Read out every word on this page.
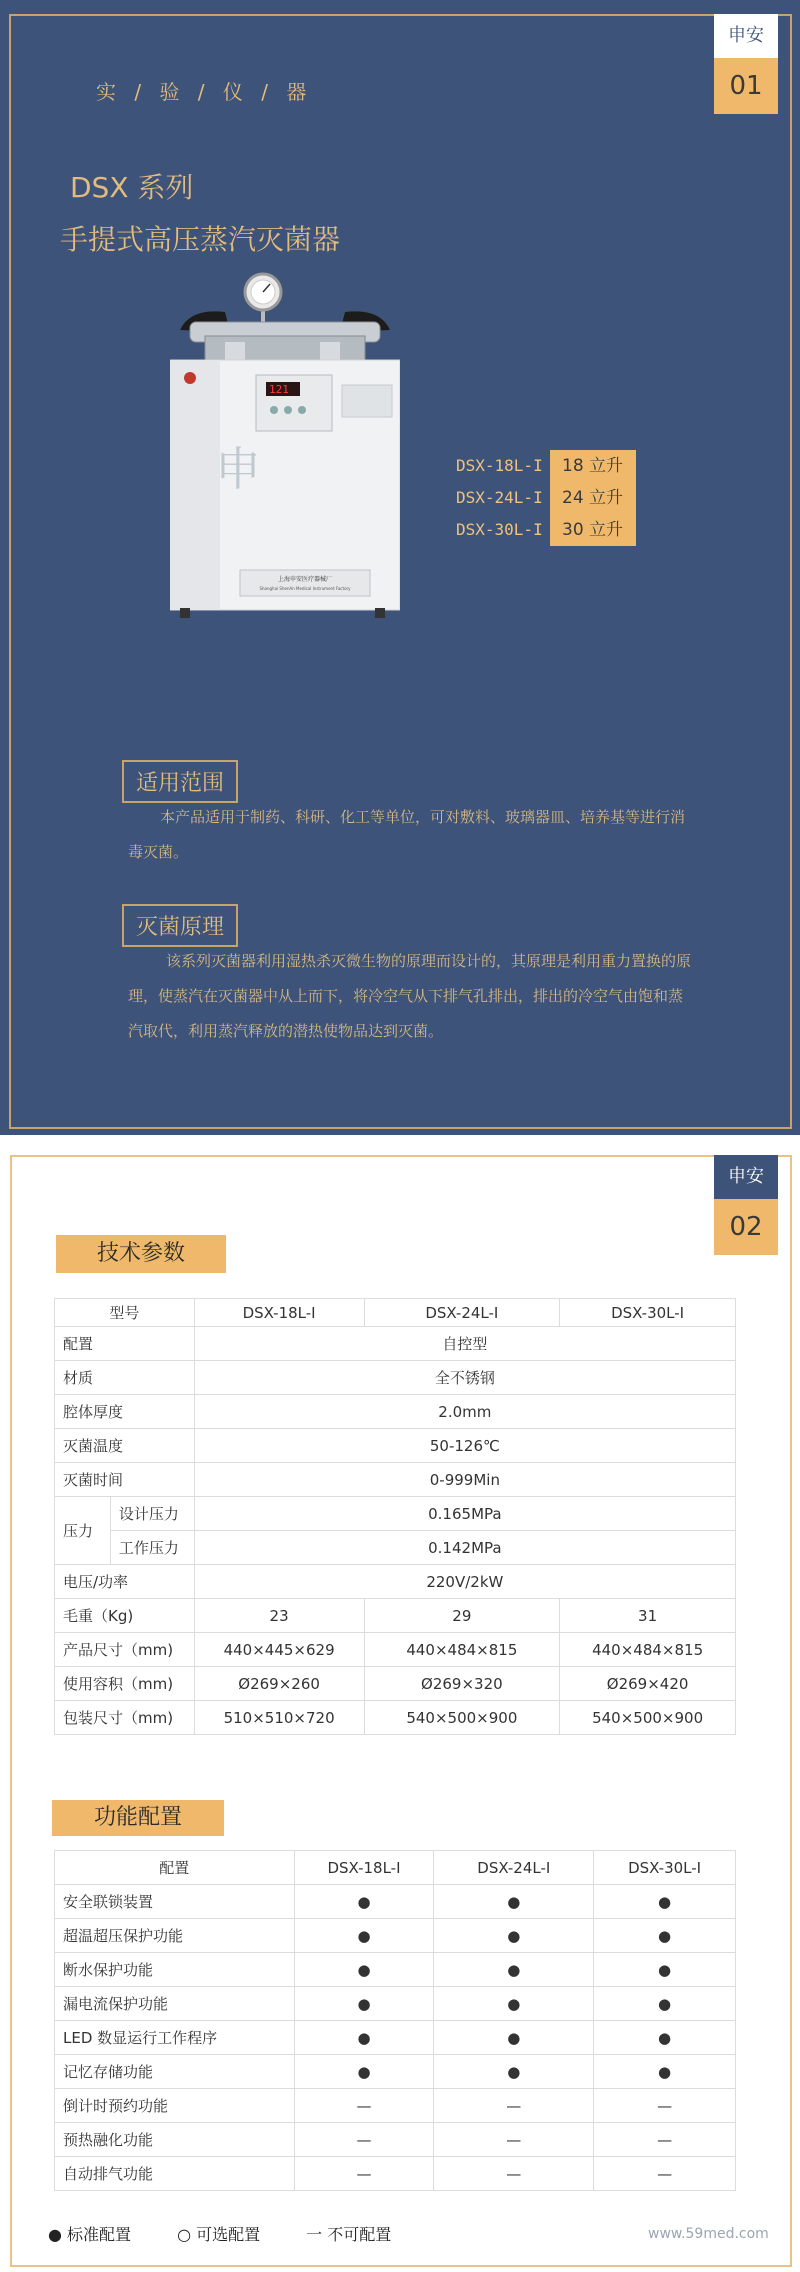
申安
01
实 / 验 / 仪 / 器
DSX 系列
手提式高压蒸汽灭菌器
121
申
上海申安医疗器械厂
Shanghai ShenAn Medical Instrument Factory
DSX-18L-I	18 立升
DSX-24L-I	24 立升
DSX-30L-I	30 立升
适用范围
本产品适用于制药、科研、化工等单位，可对敷料、玻璃器皿、培养基等进行消
毒灭菌。
灭菌原理
该系列灭菌器利用湿热杀灭微生物的原理而设计的，其原理是利用重力置换的原
理，使蒸汽在灭菌器中从上而下，将冷空气从下排气孔排出，排出的冷空气由饱和蒸
汽取代，利用蒸汽释放的潜热使物品达到灭菌。
申安
02
技术参数
型号		DSX-18L-I	DSX-24L-I	DSX-30L-I
配置		自控型		
材质		全不锈钢		
腔体厚度		2.0mm		
灭菌温度		50-126℃		
灭菌时间		0-999Min		
压力	设计压力	0.165MPa		
	工作压力	0.142MPa		
电压/功率		220V/2kW		
毛重（Kg)		23	29	31
产品尺寸（mm)		440×445×629	440×484×815	440×484×815
使用容积（mm)		Ø269×260	Ø269×320	Ø269×420
包装尺寸（mm)		510×510×720	540×500×900	540×500×900
功能配置
配置	DSX-18L-I	DSX-24L-I	DSX-30L-I
安全联锁装置	●	●	●
超温超压保护功能	●	●	●
断水保护功能	●	●	●
漏电流保护功能	●	●	●
LED 数显运行工作程序	●	●	●
记忆存储功能	●	●	●
倒计时预约功能	—	—	—
预热融化功能	—	—	—
自动排气功能	—	—	—
● 标准配置	○ 可选配置	一 不可配置	www.59med.com
